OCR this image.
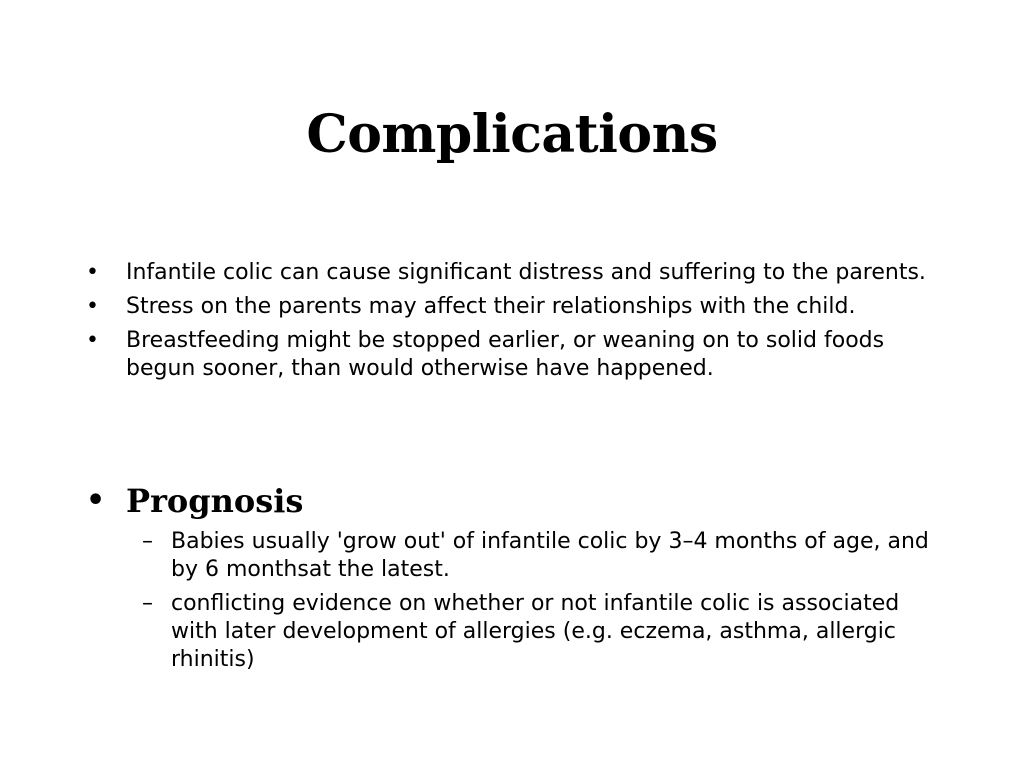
Complications
•	Infantile colic can cause significant distress and suffering to the parents.
•	Stress on the parents may affect their relationships with the child.
•	Breastfeeding might be stopped earlier, or weaning on to solid foods begun sooner, than would otherwise have happened.
• Prognosis
– Babies usually 'grow out' of infantile colic by 3–4 months of age, and by 6 monthsat the latest.
– conflicting evidence on whether or not infantile colic is associated with later development of allergies (e.g. eczema, asthma, allergic rhinitis)
